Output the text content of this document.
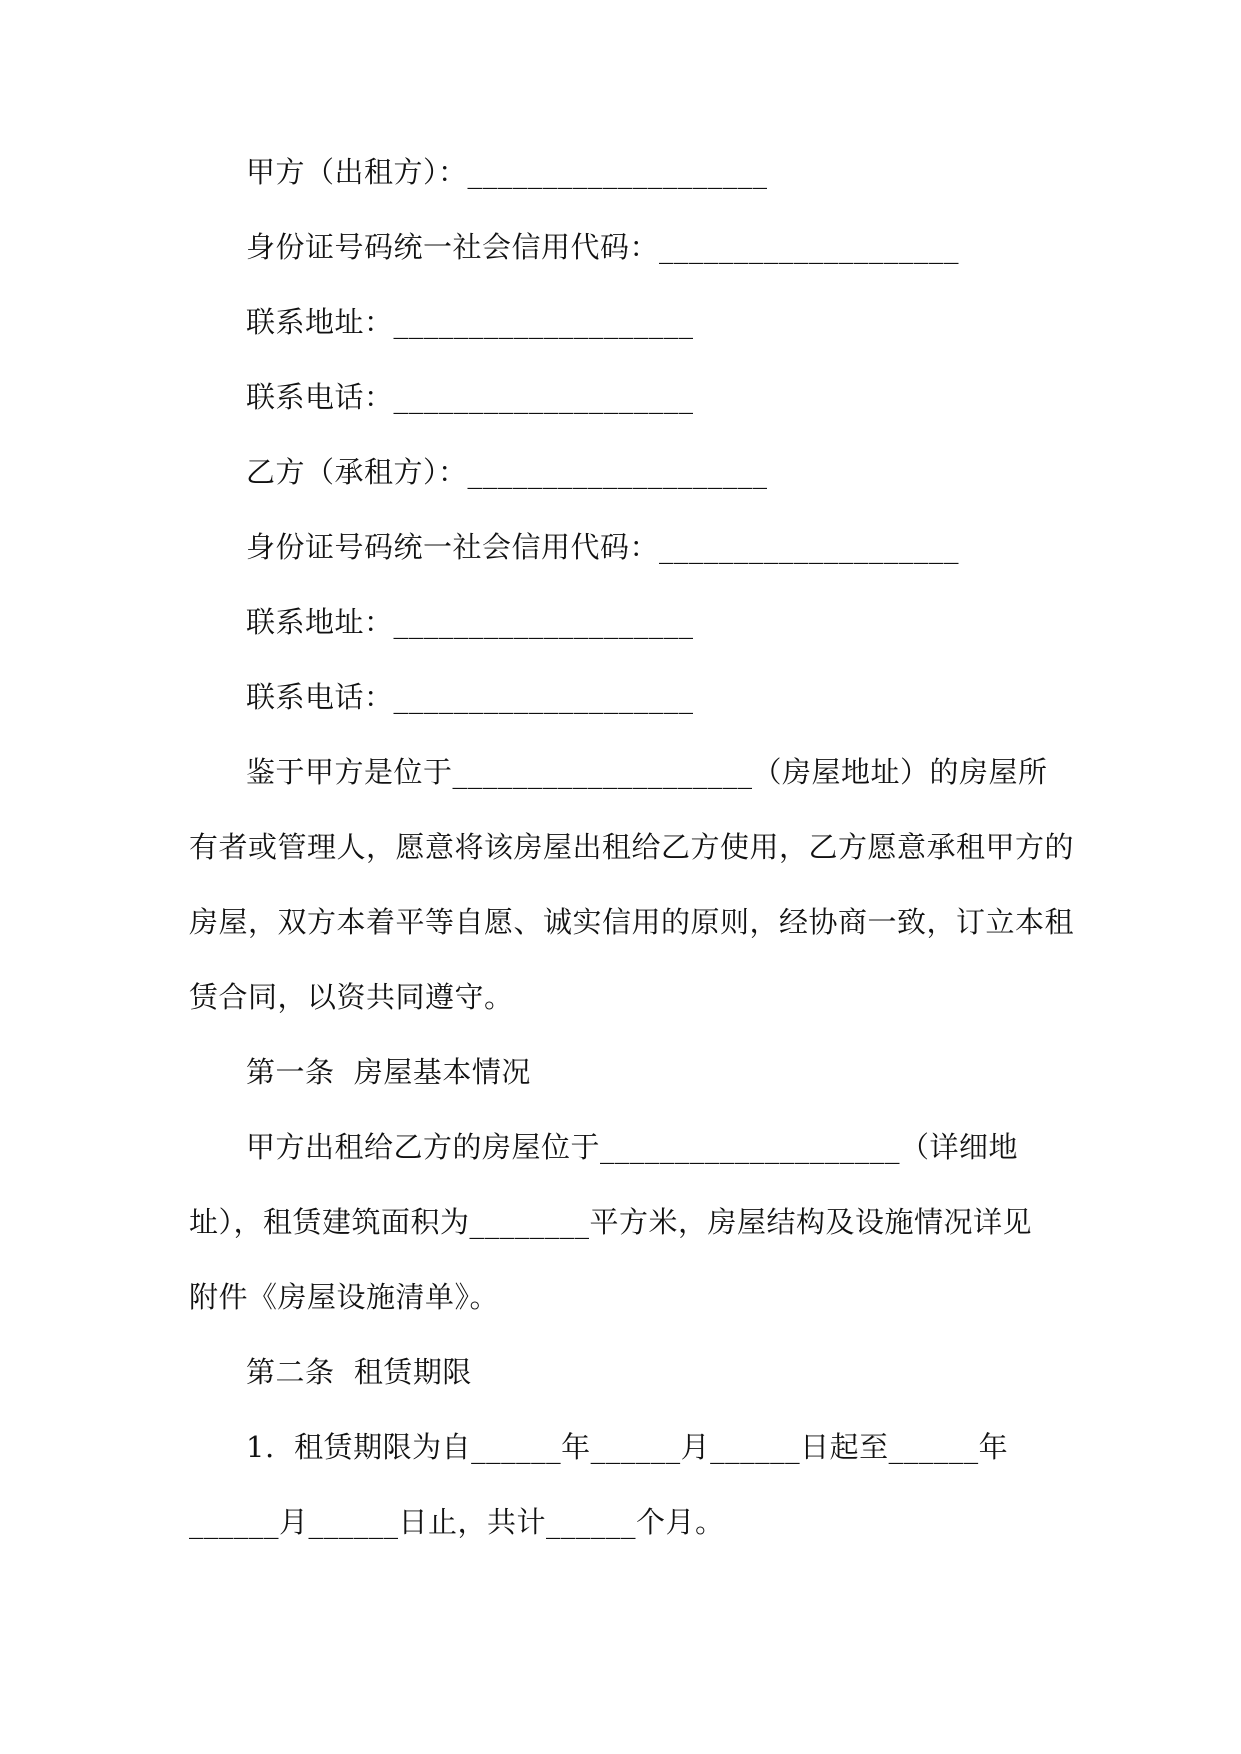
甲方（出租方）：____________________
身份证号码统一社会信用代码：____________________
联系地址：____________________
联系电话：____________________
乙方（承租方）：____________________
身份证号码统一社会信用代码：____________________
联系地址：____________________
联系电话：____________________
鉴于甲方是位于____________________（房屋地址）的房屋所
有者或管理人，愿意将该房屋出租给乙方使用，乙方愿意承租甲方的
房屋，双方本着平等自愿、诚实信用的原则，经协商一致，订立本租
赁合同，以资共同遵守。
第一条  房屋基本情况
甲方出租给乙方的房屋位于____________________（详细地
址），租赁建筑面积为________平方米，房屋结构及设施情况详见
附件《房屋设施清单》。
第二条  租赁期限
1.  租赁期限为自______年______月______日起至______年
______月______日止，共计______个月。
